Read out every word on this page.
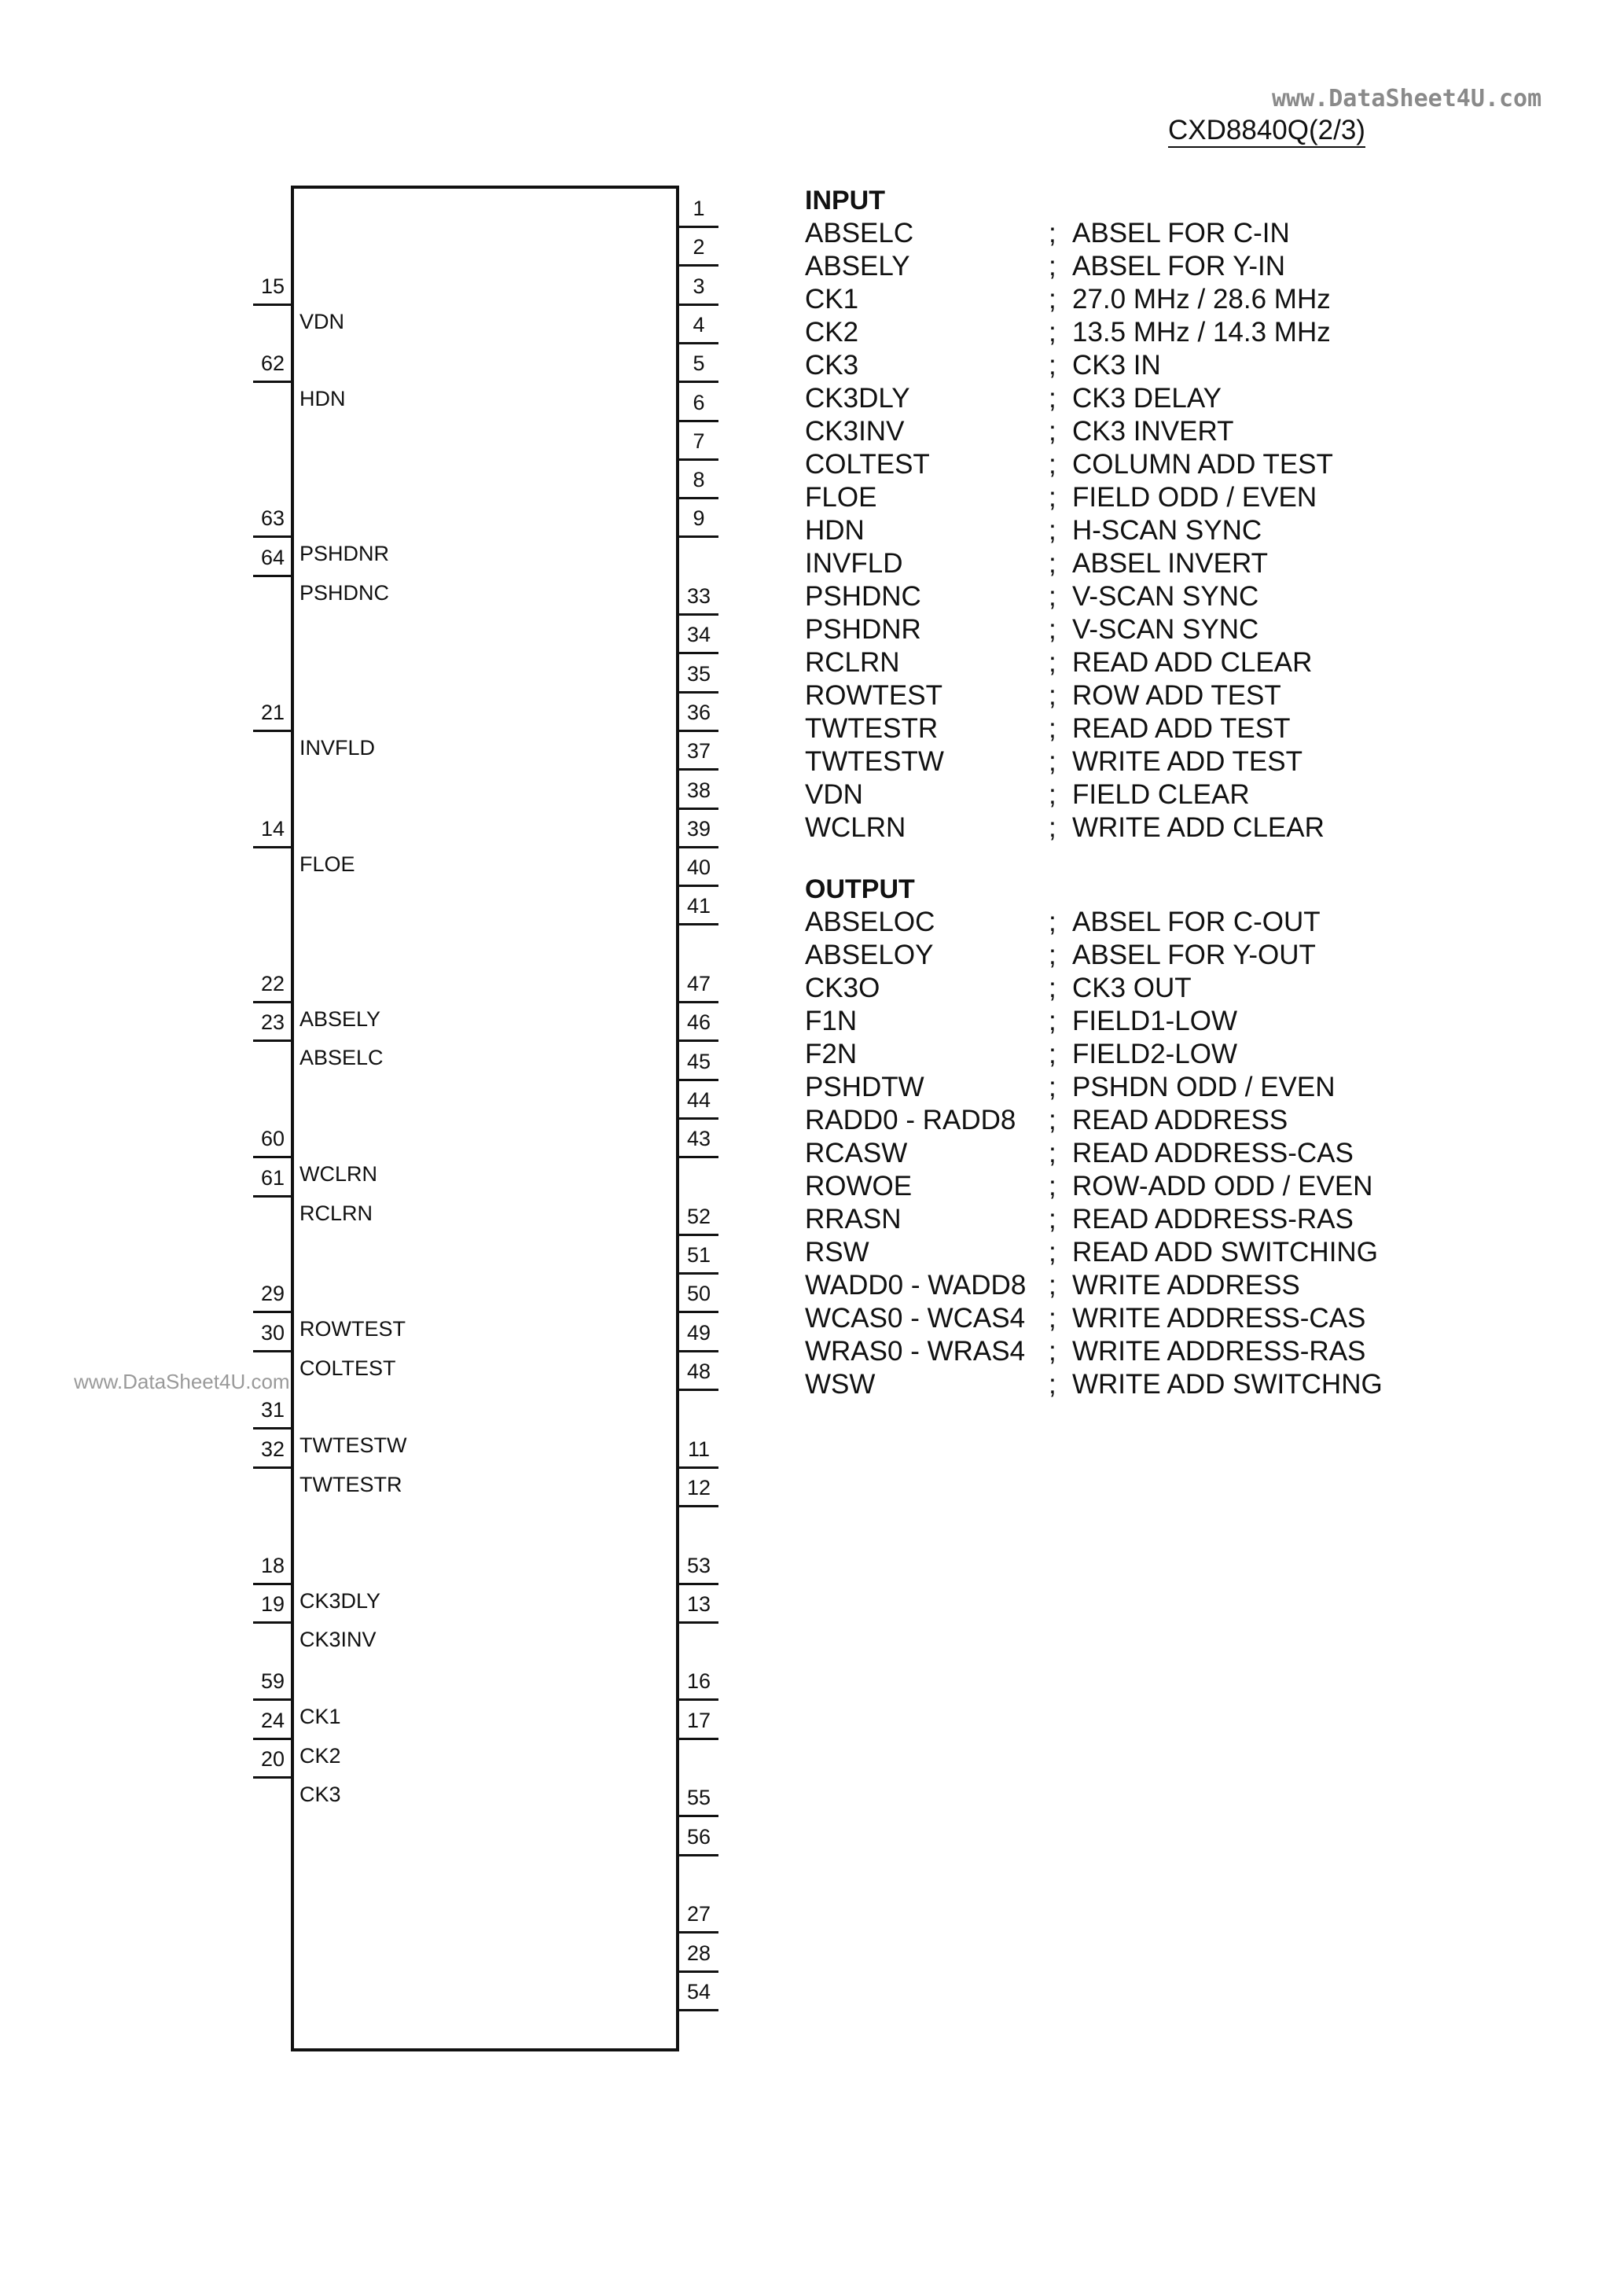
www.DataSheet4U.com
CXD8840Q(2/3)
15
VDN
62
HDN
63
PSHDNR
64
PSHDNC
21
INVFLD
14
FLOE
22
ABSELY
23
ABSELC
60
WCLRN
61
RCLRN
29
ROWTEST
30
COLTEST
31
TWTESTW
32
TWTESTR
18
CK3DLY
19
CK3INV
59
CK1
24
CK2
20
CK3
1
2
3
4
5
6
7
8
9
33
34
35
36
37
38
39
40
41
47
46
45
44
43
52
51
50
49
48
11
12
53
13
16
17
55
56
27
28
54
www.DataSheet4U.com
INPUT
ABSELC	; ABSEL FOR C-IN
ABSELY	; ABSEL FOR Y-IN
CK1	; 27.0 MHz / 28.6 MHz
CK2	; 13.5 MHz / 14.3 MHz
CK3	; CK3 IN
CK3DLY	; CK3 DELAY
CK3INV	; CK3 INVERT
COLTEST	; COLUMN ADD TEST
FLOE	; FIELD ODD / EVEN
HDN	; H-SCAN SYNC
INVFLD	; ABSEL INVERT
PSHDNC	; V-SCAN SYNC
PSHDNR	; V-SCAN SYNC
RCLRN	; READ ADD CLEAR
ROWTEST	; ROW ADD TEST
TWTESTR	; READ ADD TEST
TWTESTW	; WRITE ADD TEST
VDN	; FIELD CLEAR
WCLRN	; WRITE ADD CLEAR
OUTPUT
ABSELOC	; ABSEL FOR C-OUT
ABSELOY	; ABSEL FOR Y-OUT
CK3O	; CK3 OUT
F1N	; FIELD1-LOW
F2N	; FIELD2-LOW
PSHDTW	; PSHDN ODD / EVEN
RADD0 - RADD8 ; READ ADDRESS
RCASW	; READ ADDRESS-CAS
ROWOE	; ROW-ADD ODD / EVEN
RRASN	; READ ADDRESS-RAS
RSW	; READ ADD SWITCHING
WADD0 - WADD8 ; WRITE ADDRESS
WCAS0 - WCAS4 ; WRITE ADDRESS-CAS
WRAS0 - WRAS4 ; WRITE ADDRESS-RAS
WSW	; WRITE ADD SWITCHNG
